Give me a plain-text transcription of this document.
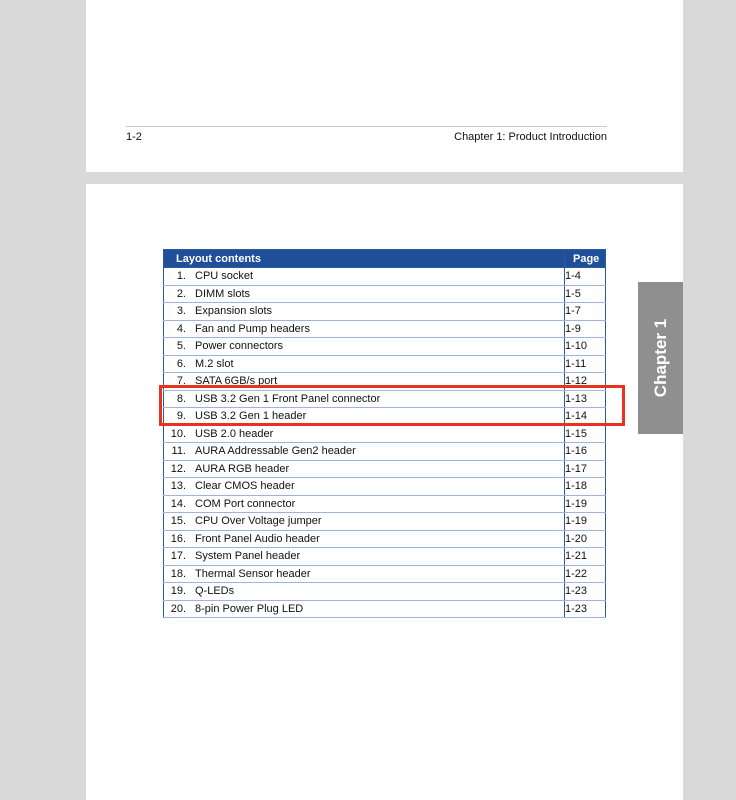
1-2	Chapter 1: Product Introduction
Layout contents	Page
1. CPU socket	1-4
2. DIMM slots	1-5
3. Expansion slots	1-7
4. Fan and Pump headers	1-9
5. Power connectors	1-10
6. M.2 slot	1-11
7. SATA 6GB/s port	1-12
8. USB 3.2 Gen 1 Front Panel connector	1-13
9. USB 3.2 Gen 1 header	1-14
10. USB 2.0 header	1-15
11. AURA Addressable Gen2 header	1-16
12. AURA RGB header	1-17
13. Clear CMOS header	1-18
14. COM Port connector	1-19
15. CPU Over Voltage jumper	1-19
16. Front Panel Audio header	1-20
17. System Panel header	1-21
18. Thermal Sensor header	1-22
19. Q-LEDs	1-23
20. 8-pin Power Plug LED	1-23
Chapter 1
